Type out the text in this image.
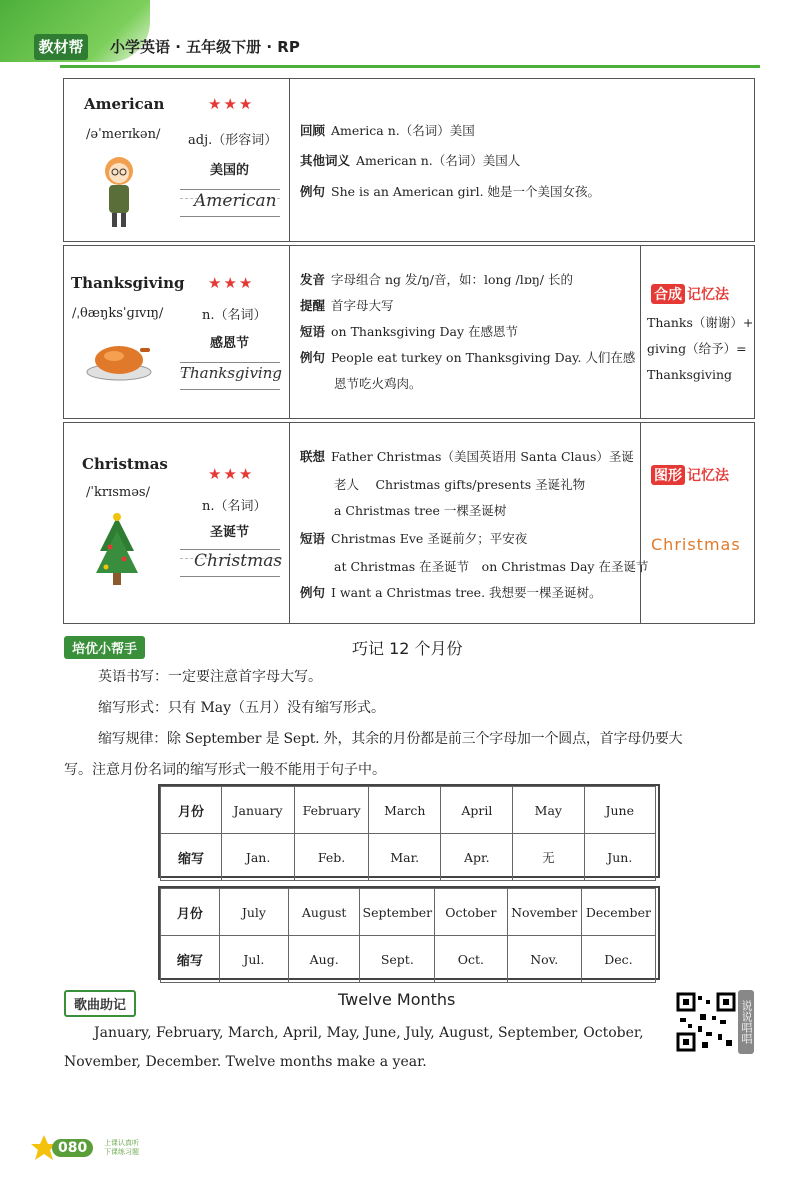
教材帮	小学英语 · 五年级下册 · RP
American
/əˈmerɪkən/
★★★
adj.（形容词）
美国的
American
回顾 America n.（名词）美国
其他词义 American n.（名词）美国人
例句 She is an American girl. 她是一个美国女孩。
Thanksgiving
/ˌθæŋksˈɡɪvɪŋ/
★★★
n.（名词）
感恩节
Thanksgiving
发音 字母组合 ng 发/ŋ/音，如：long /lɒŋ/ 长的
提醒 首字母大写
短语 on Thanksgiving Day 在感恩节
例句 People eat turkey on Thanksgiving Day. 人们在感
恩节吃火鸡肉。
合成 记忆法
Thanks（谢谢）+
giving（给予）=
Thanksgiving
Christmas
/ˈkrɪsməs/
★★★
n.（名词）
圣诞节
Christmas
联想 Father Christmas（美国英语用 Santa Claus）圣诞
老人　 Christmas gifts/presents 圣诞礼物
a Christmas tree 一棵圣诞树
短语 Christmas Eve 圣诞前夕；平安夜
at Christmas 在圣诞节　on Christmas Day 在圣诞节
例句 I want a Christmas tree. 我想要一棵圣诞树。
图形 记忆法
Christmas
培优小帮手	巧记 12 个月份
英语书写：一定要注意首字母大写。
缩写形式：只有 May（五月）没有缩写形式。
缩写规律：除 September 是 Sept. 外，其余的月份都是前三个字母加一个圆点，首字母仍要大
写。注意月份名词的缩写形式一般不能用于句子中。
月份	January	February	March	April	May	June
缩写	Jan.	Feb.	Mar.	Apr.	无	Jun.
月份	July	August	September	October	November	December
缩写	Jul.	Aug.	Sept.	Oct.	Nov.	Dec.
歌曲助记	Twelve Months
January, February, March, April, May, June, July, August, September, October,
November, December. Twelve months make a year.
说说唱唱
080	上课认真听 下课练习题
